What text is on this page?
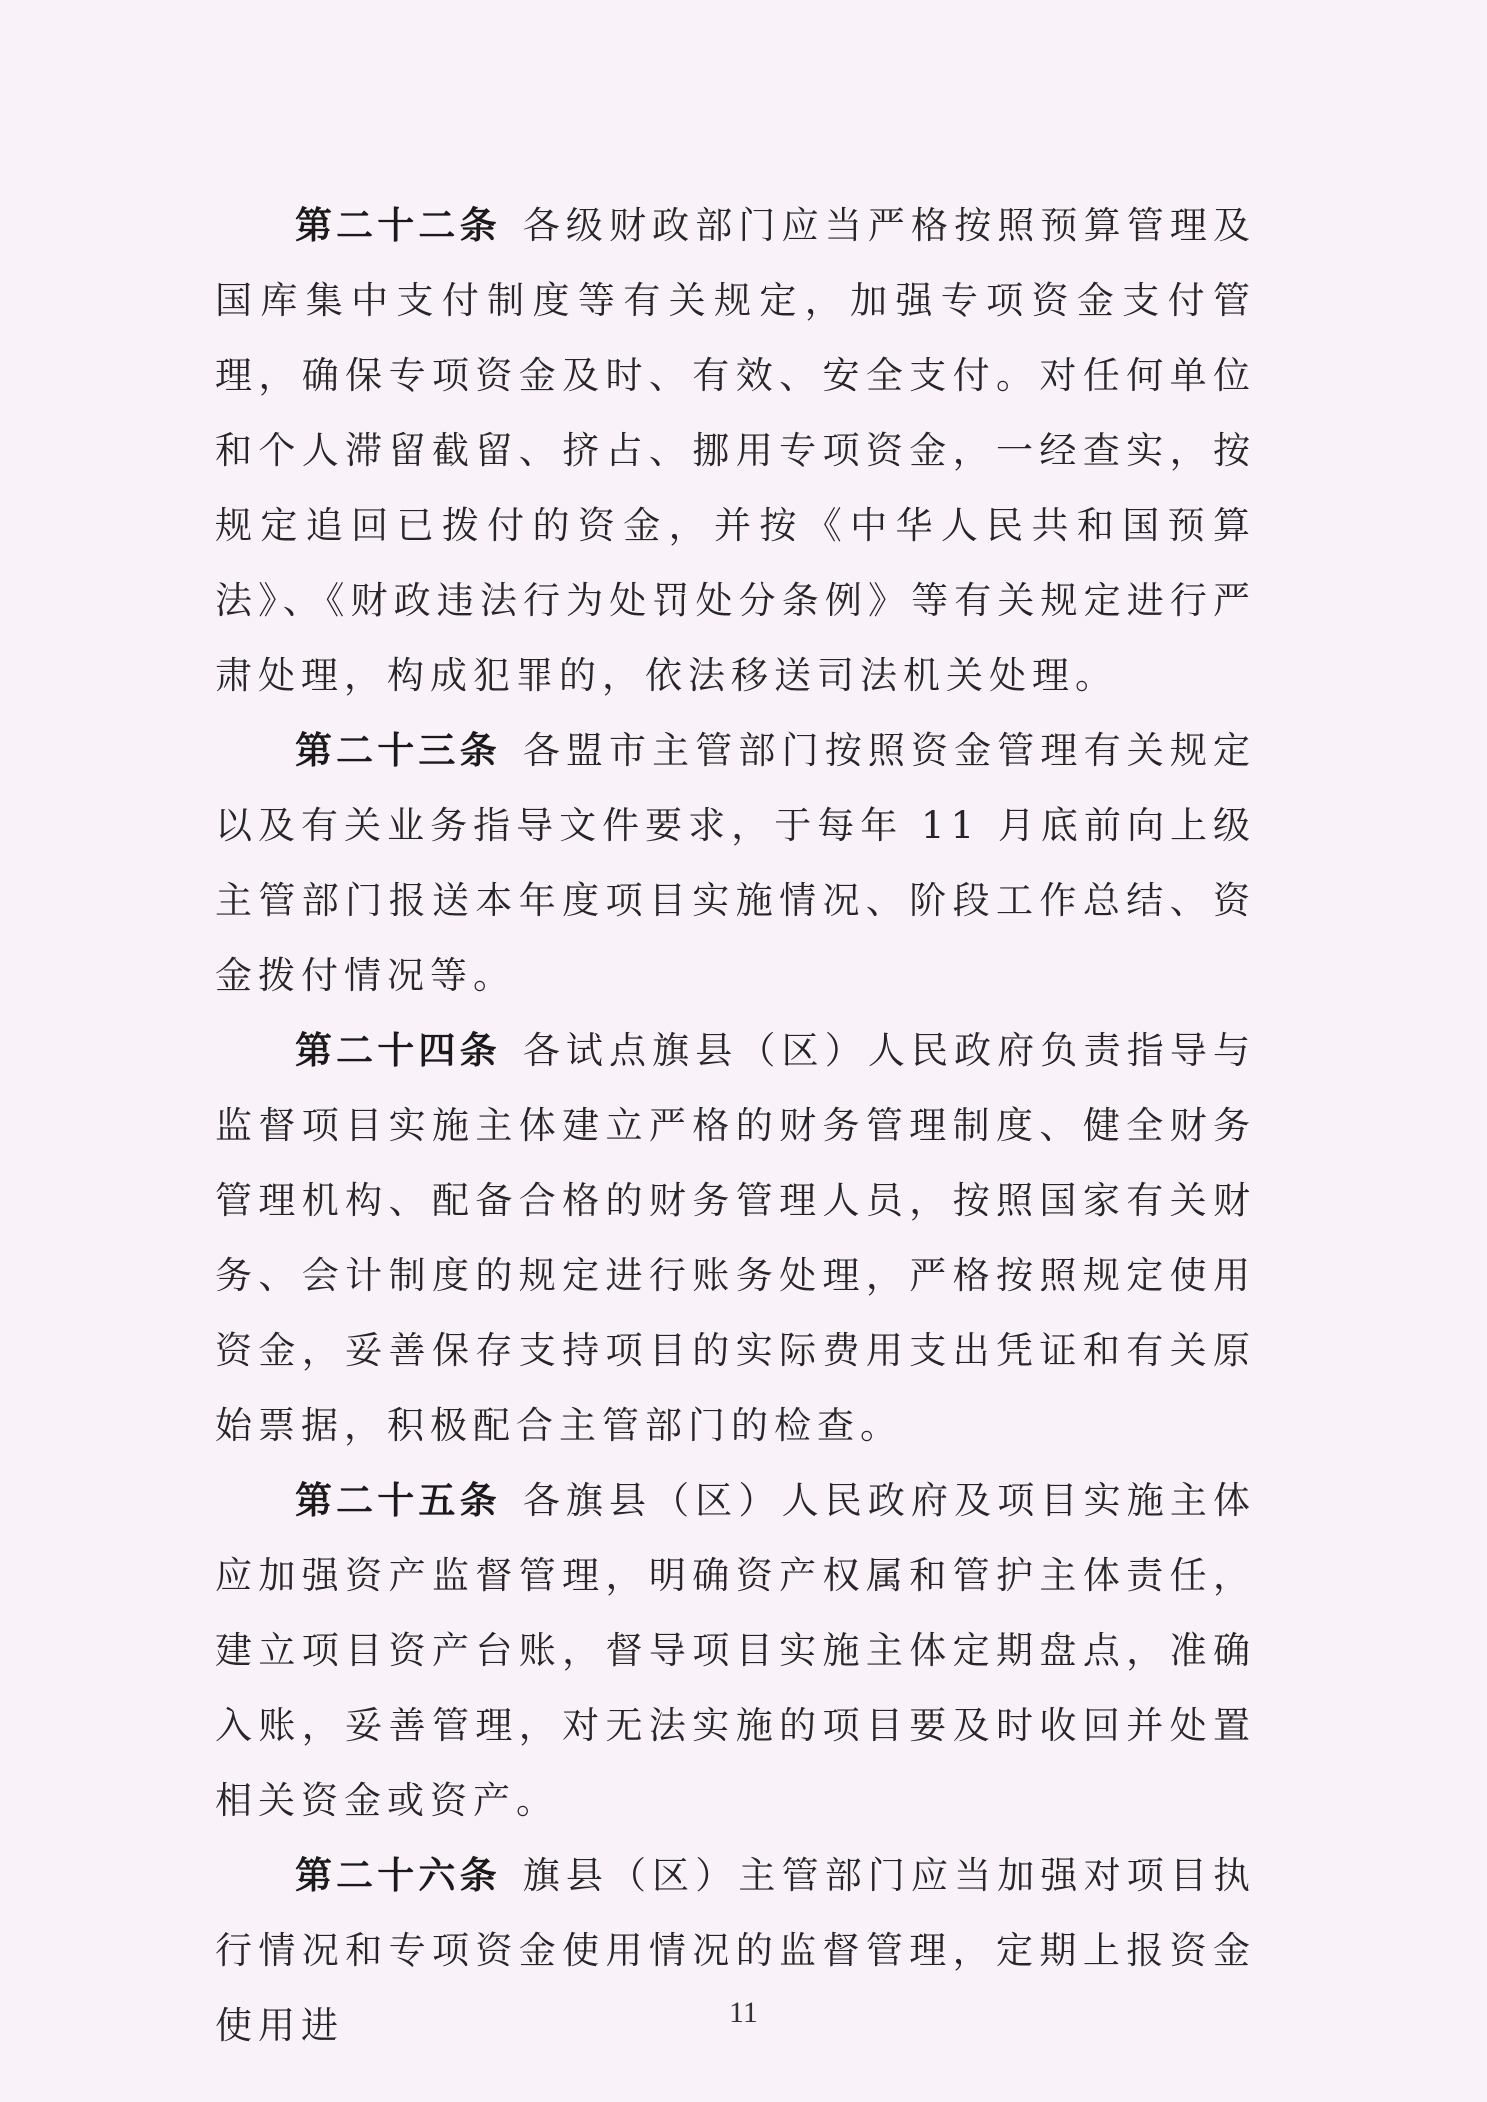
第二十二条 各级财政部门应当严格按照预算管理及国库集中支付制度等有关规定，加强专项资金支付管理，确保专项资金及时、有效、安全支付。对任何单位和个人滞留截留、挤占、挪用专项资金，一经查实，按规定追回已拨付的资金，并按《中华人民共和国预算法》、《财政违法行为处罚处分条例》等有关规定进行严肃处理，构成犯罪的，依法移送司法机关处理。

第二十三条 各盟市主管部门按照资金管理有关规定以及有关业务指导文件要求，于每年 11 月底前向上级主管部门报送本年度项目实施情况、阶段工作总结、资金拨付情况等。

第二十四条 各试点旗县（区）人民政府负责指导与监督项目实施主体建立严格的财务管理制度、健全财务管理机构、配备合格的财务管理人员，按照国家有关财务、会计制度的规定进行账务处理，严格按照规定使用资金，妥善保存支持项目的实际费用支出凭证和有关原始票据，积极配合主管部门的检查。

第二十五条 各旗县（区）人民政府及项目实施主体应加强资产监督管理，明确资产权属和管护主体责任，建立项目资产台账，督导项目实施主体定期盘点，准确入账，妥善管理，对无法实施的项目要及时收回并处置相关资金或资产。

第二十六条 旗县（区）主管部门应当加强对项目执行情况和专项资金使用情况的监督管理，定期上报资金使用进	11
